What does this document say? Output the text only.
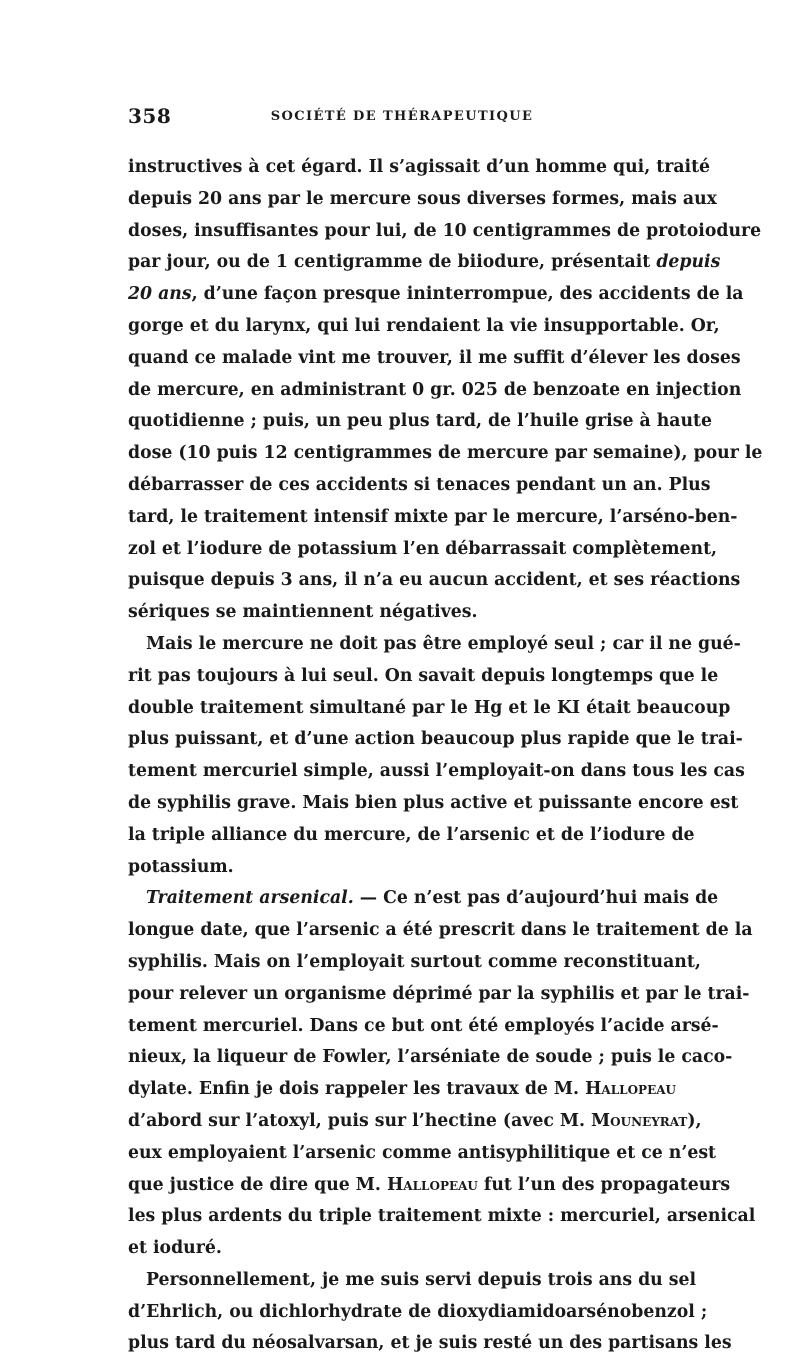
358	SOCIÉTÉ DE THÉRAPEUTIQUE
instructives à cet égard. Il s’agissait d’un homme qui, traité
depuis 20 ans par le mercure sous diverses formes, mais aux
doses, insuffisantes pour lui, de 10 centigrammes de protoiodure
par jour, ou de 1 centigramme de biiodure, présentait depuis
20 ans, d’une façon presque ininterrompue, des accidents de la
gorge et du larynx, qui lui rendaient la vie insupportable. Or,
quand ce malade vint me trouver, il me suffit d’élever les doses
de mercure, en administrant 0 gr. 025 de benzoate en injection
quotidienne ; puis, un peu plus tard, de l’huile grise à haute
dose (10 puis 12 centigrammes de mercure par semaine), pour le
débarrasser de ces accidents si tenaces pendant un an. Plus
tard, le traitement intensif mixte par le mercure, l’arséno-ben-
zol et l’iodure de potassium l’en débarrassait complètement,
puisque depuis 3 ans, il n’a eu aucun accident, et ses réactions
sériques se maintiennent négatives.
Mais le mercure ne doit pas être employé seul ; car il ne gué-
rit pas toujours à lui seul. On savait depuis longtemps que le
double traitement simultané par le Hg et le KI était beaucoup
plus puissant, et d’une action beaucoup plus rapide que le trai-
tement mercuriel simple, aussi l’employait-on dans tous les cas
de syphilis grave. Mais bien plus active et puissante encore est
la triple alliance du mercure, de l’arsenic et de l’iodure de
potassium.
Traitement arsenical. — Ce n’est pas d’aujourd’hui mais de
longue date, que l’arsenic a été prescrit dans le traitement de la
syphilis. Mais on l’employait surtout comme reconstituant,
pour relever un organisme déprimé par la syphilis et par le trai-
tement mercuriel. Dans ce but ont été employés l’acide arsé-
nieux, la liqueur de Fowler, l’arséniate de soude ; puis le caco-
dylate. Enfin je dois rappeler les travaux de M. Hallopeau
d’abord sur l’atoxyl, puis sur l’hectine (avec M. Mouneyrat),
eux employaient l’arsenic comme antisyphilitique et ce n’est
que justice de dire que M. Hallopeau fut l’un des propagateurs
les plus ardents du triple traitement mixte : mercuriel, arsenical
et ioduré.
Personnellement, je me suis servi depuis trois ans du sel
d’Ehrlich, ou dichlorhydrate de dioxydiamidoarsénobenzol ;
plus tard du néosalvarsan, et je suis resté un des partisans les
